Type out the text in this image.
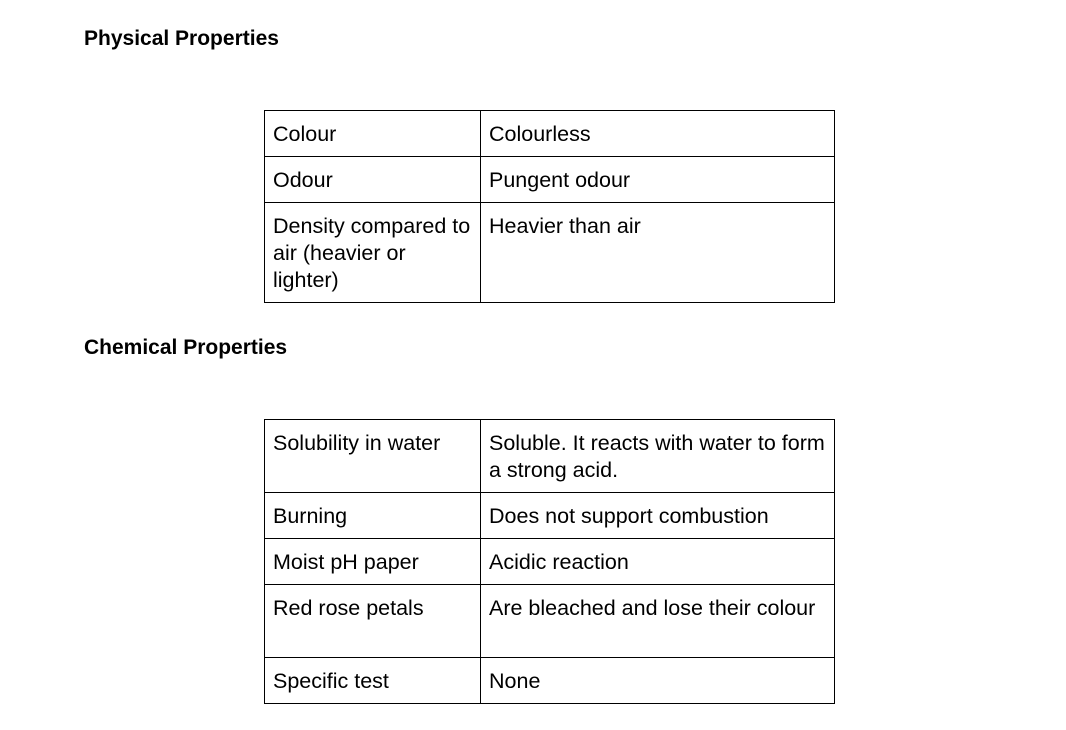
Physical Properties
Colour	Colourless
Odour	Pungent odour
Density compared to air (heavier or lighter)	Heavier than air
Chemical Properties
Solubility in water	Soluble. It reacts with water to form a strong acid.
Burning	Does not support combustion
Moist pH paper	Acidic reaction
Red rose petals	Are bleached and lose their colour
Specific test	None
